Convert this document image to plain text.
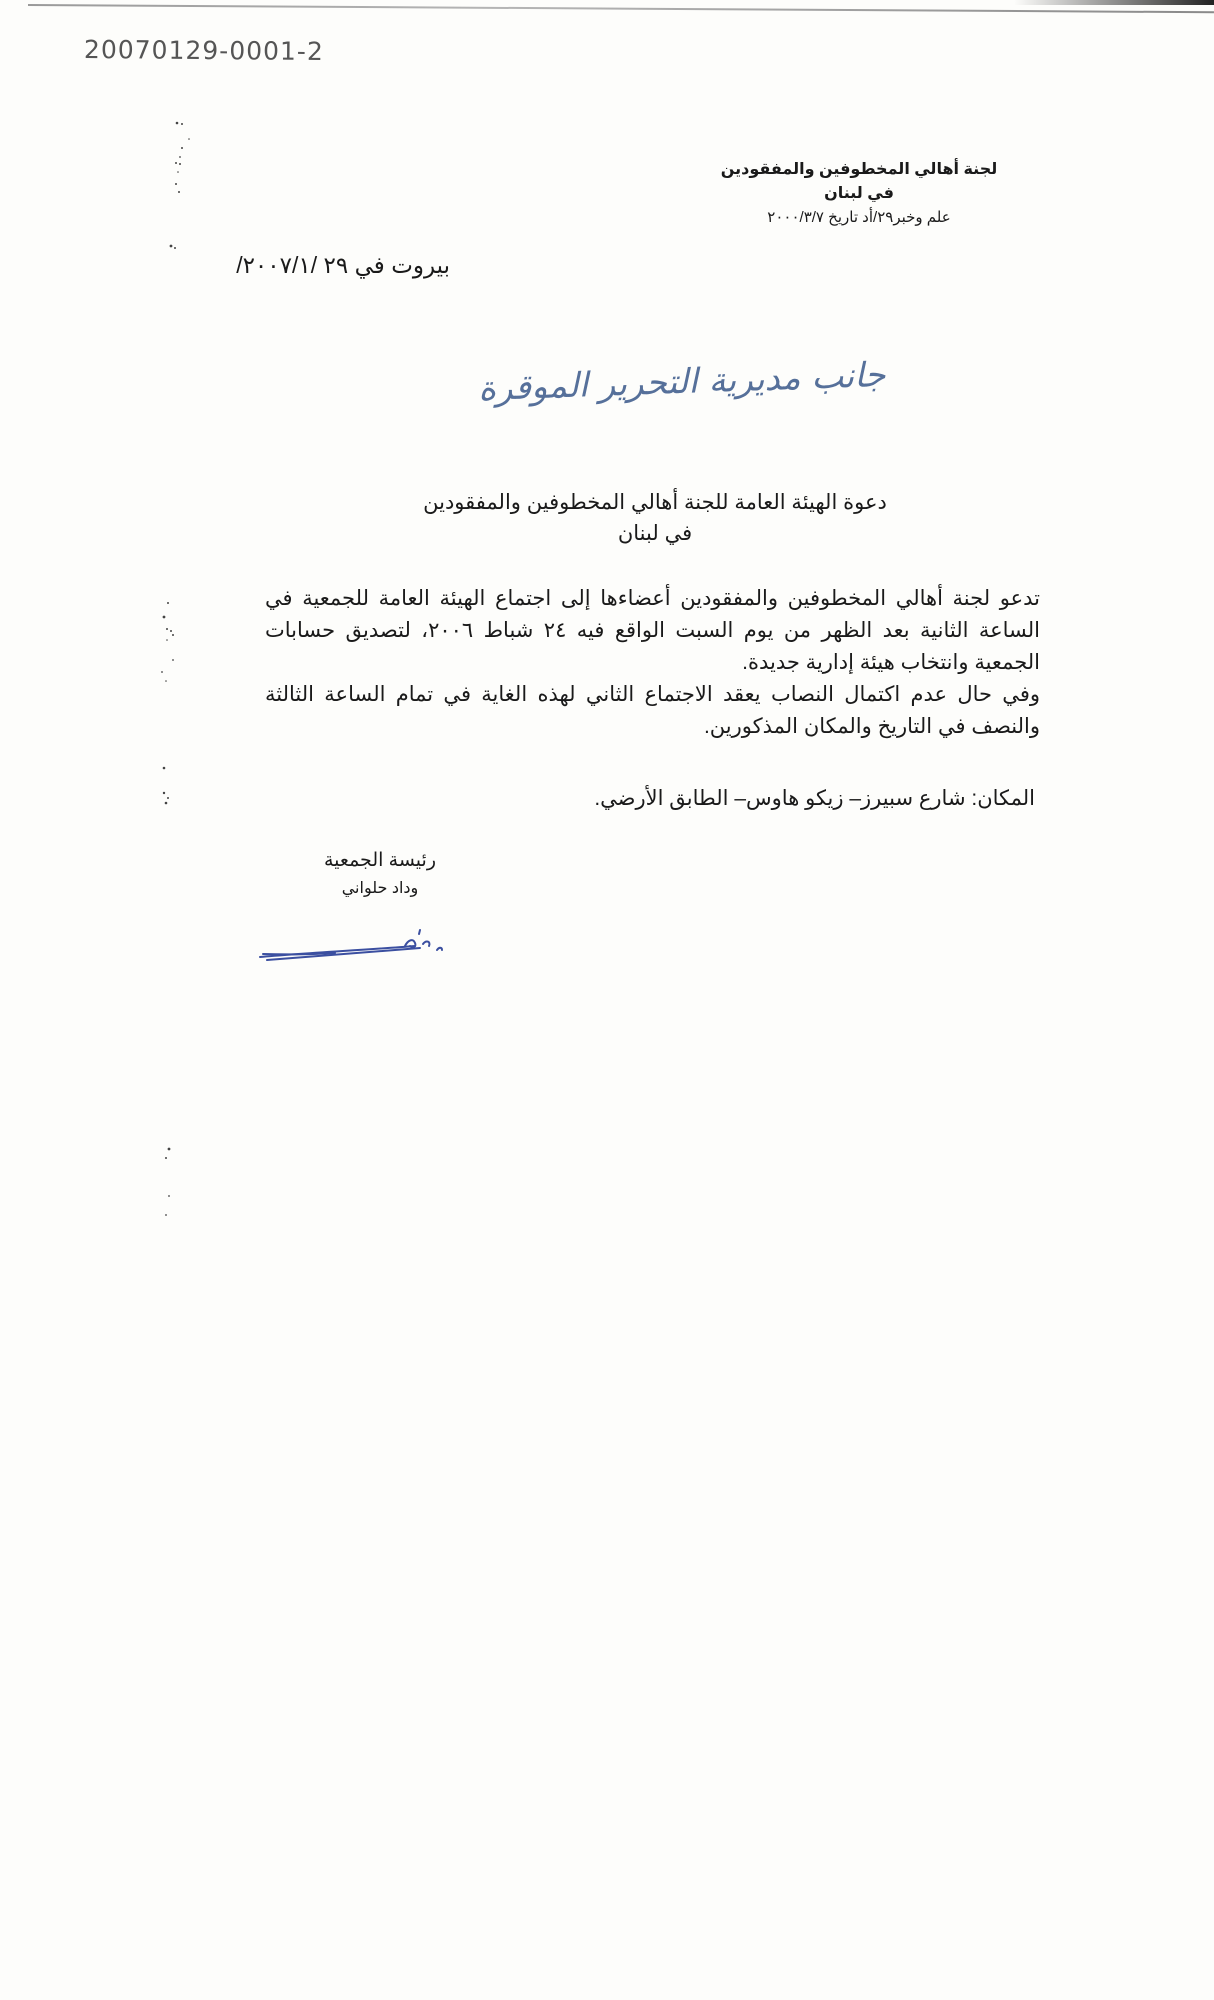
20070129-0001-2
لجنة أهالي المخطوفين والمفقودين
في لبنان
علم وخبر٢٩/أد تاريخ ٢٠٠٠/٣/٧
بيروت في ٢٩ /٢٠٠٧/١/
جانب مديرية التحرير الموقرة
دعوة الهيئة العامة للجنة أهالي المخطوفين والمفقودين
في لبنان

تدعو لجنة أهالي المخطوفين والمفقودين أعضاءها إلى اجتماع الهيئة العامة للجمعية في الساعة الثانية بعد الظهر من يوم السبت الواقع فيه ٢٤ شباط ٢٠٠٦، لتصديق حسابات الجمعية وانتخاب هيئة إدارية جديدة.

وفي حال عدم اكتمال النصاب يعقد الاجتماع الثاني لهذه الغاية في تمام الساعة الثالثة والنصف في التاريخ والمكان المذكورين.

المكان: شارع سبيرز– زيكو هاوس– الطابق الأرضي.
رئيسة الجمعية
وداد حلواني
